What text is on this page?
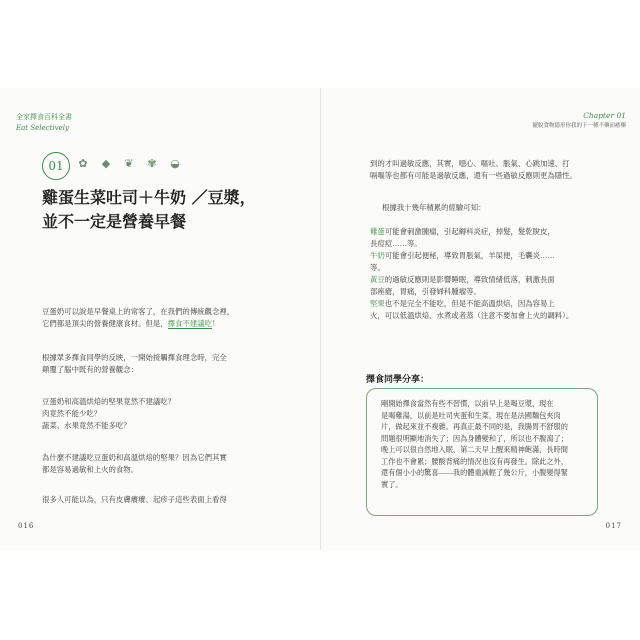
全家擇食百科全書
Eat Selectively
Chapter 01
擺脫食物隱形你我的下一種不藥而癒藥
01	✿ ◆ ❦ ✾ ◒
雞蛋生菜吐司＋牛奶 ／豆漿，
並不一定是營養早餐
豆蛋奶可以說是早餐桌上的常客了，在我們的傳統觀念裡，
它們都是頂尖的營養健康食材。但是，擇食不建議吃！
根據眾多擇食同學的反映，一開始接觸擇食理念時，完全
顛覆了腦中既有的營養觀念：
豆蛋奶和高溫烘焙的堅果竟然不建議吃？
肉竟然不能少吃？
蔬菜、水果竟然不能多吃？
為什麼不建議吃豆蛋奶和高溫烘焙的堅果？因為它們其實
都是容易過敏和上火的食物。
很多人可能以為，只有皮膚癢癢、起疹子這些表面上看得
016
到的才叫過敏反應，其實，噁心、嘔吐、脹氣、心跳加速、打
嗝嘔等也都有可能是過敏反應，還有一些過敏反應則更為隱性。
根據我十幾年積累的經驗可知：
雞蛋可能會刺激腫瘤，引起縟科炎症，掉髮，髮乾脫皮，
長痘痘……等。
牛奶可能會引起便秘，導致胃脹氣，羊屎便，毛囊炎……
等。
黃豆的過敏反應則是影響睡眠，導致情緒低落，刺激長面
部痤瘡，胃痛，引發婦科腫瘤等。
堅果也不是完全不能吃，但是不能高溫烘焙，因為容易上
火，可以低溫烘焙、水煮或者蒸（注意不要加會上火的調料）。
擇食同學分享：

剛開始擇食當然有些不習慣，以前早上是喝豆漿，現在

是喝雞湯，以前是吐司夾蛋和生菜，現在是法國麵包夾肉

片，做起來並不複雜。再真正最不同的是，我腸胃不舒服的

問題很明顯地消失了；因為身體變和了，所以也不腹瀉了；

晚上可以很自然地入眠，第二天早上醒來精神飽滿，長時間

工作也不會累；腰酸背痛的情況也沒有再發生。除此之外，

還有個小小的驚喜——我的體重減輕了幾公斤，小腹變得緊

實了。

017
